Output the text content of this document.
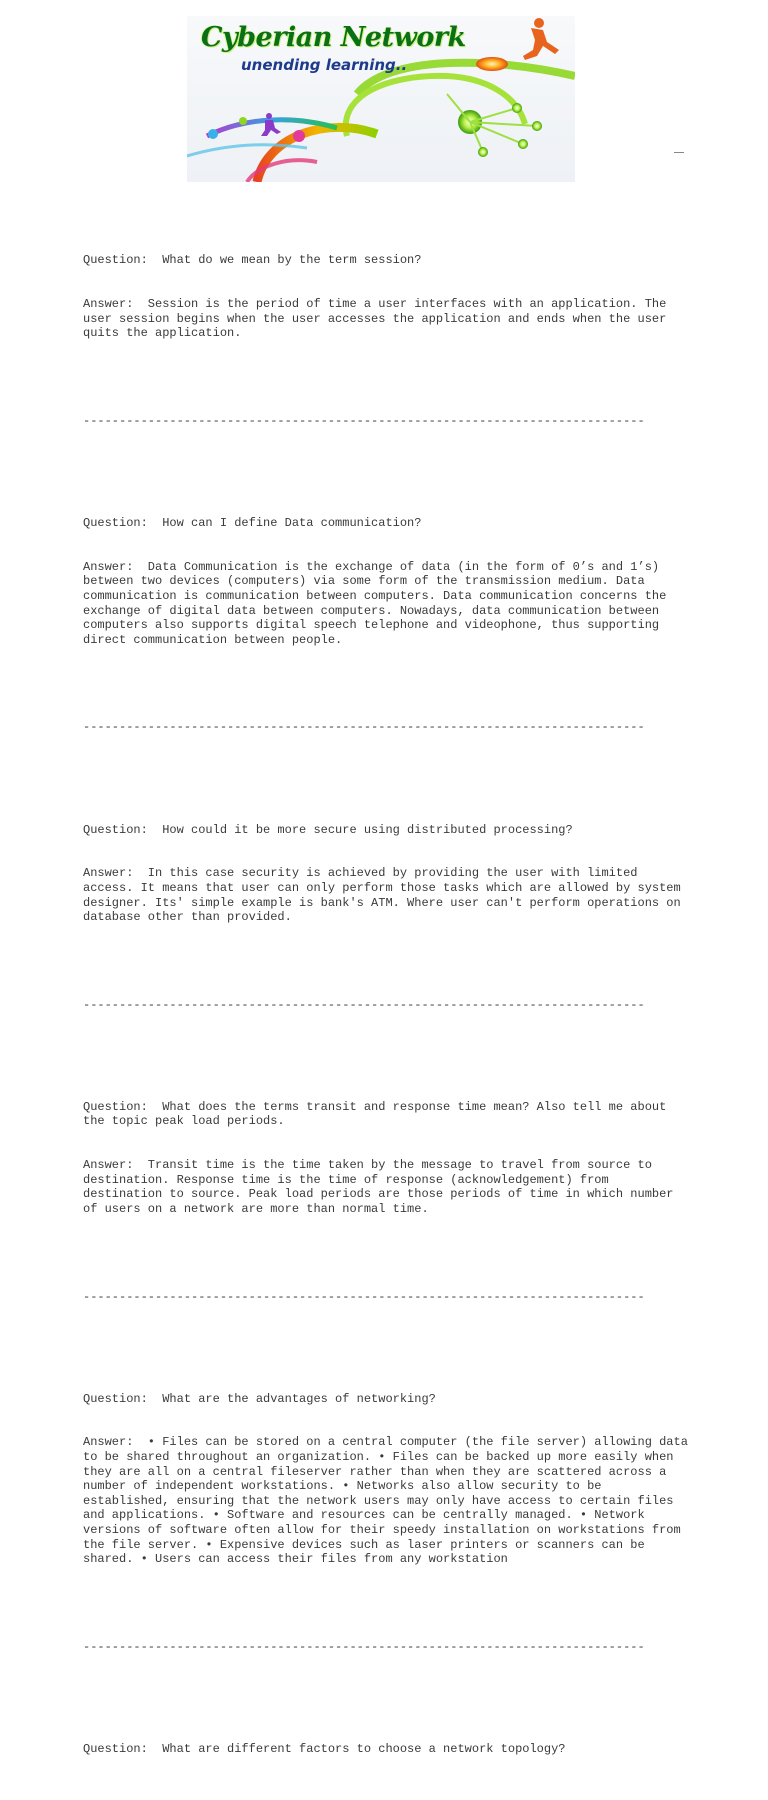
Cyberian Network
unending learning..

Question:  What do we mean by the term session?

Answer:  Session is the period of time a user interfaces with an application. The user session begins when the user accesses the application and ends when the user quits the application.

------------------------------------------------------------------------------

Question:  How can I define Data communication?

Answer:  Data Communication is the exchange of data (in the form of 0’s and 1’s) between two devices (computers) via some form of the transmission medium. Data communication is communication between computers. Data communication concerns the exchange of digital data between computers. Nowadays, data communication between computers also supports digital speech telephone and videophone, thus supporting direct communication between people.

------------------------------------------------------------------------------

Question:  How could it be more secure using distributed processing?

Answer:  In this case security is achieved by providing the user with limited access. It means that user can only perform those tasks which are allowed by system designer. Its' simple example is bank's ATM. Where user can't perform operations on database other than provided.

------------------------------------------------------------------------------

Question:  What does the terms transit and response time mean? Also tell me about the topic peak load periods.

Answer:  Transit time is the time taken by the message to travel from source to destination. Response time is the time of response (acknowledgement) from destination to source. Peak load periods are those periods of time in which number of users on a network are more than normal time.

------------------------------------------------------------------------------

Question:  What are the advantages of networking?

Answer:  • Files can be stored on a central computer (the file server) allowing data to be shared throughout an organization. • Files can be backed up more easily when they are all on a central fileserver rather than when they are scattered across a number of independent workstations. • Networks also allow security to be established, ensuring that the network users may only have access to certain files and applications. • Software and resources can be centrally managed. • Network versions of software often allow for their speedy installation on workstations from the file server. • Expensive devices such as laser printers or scanners can be shared. • Users can access their files from any workstation

------------------------------------------------------------------------------

Question:  What are different factors to choose a network topology?
